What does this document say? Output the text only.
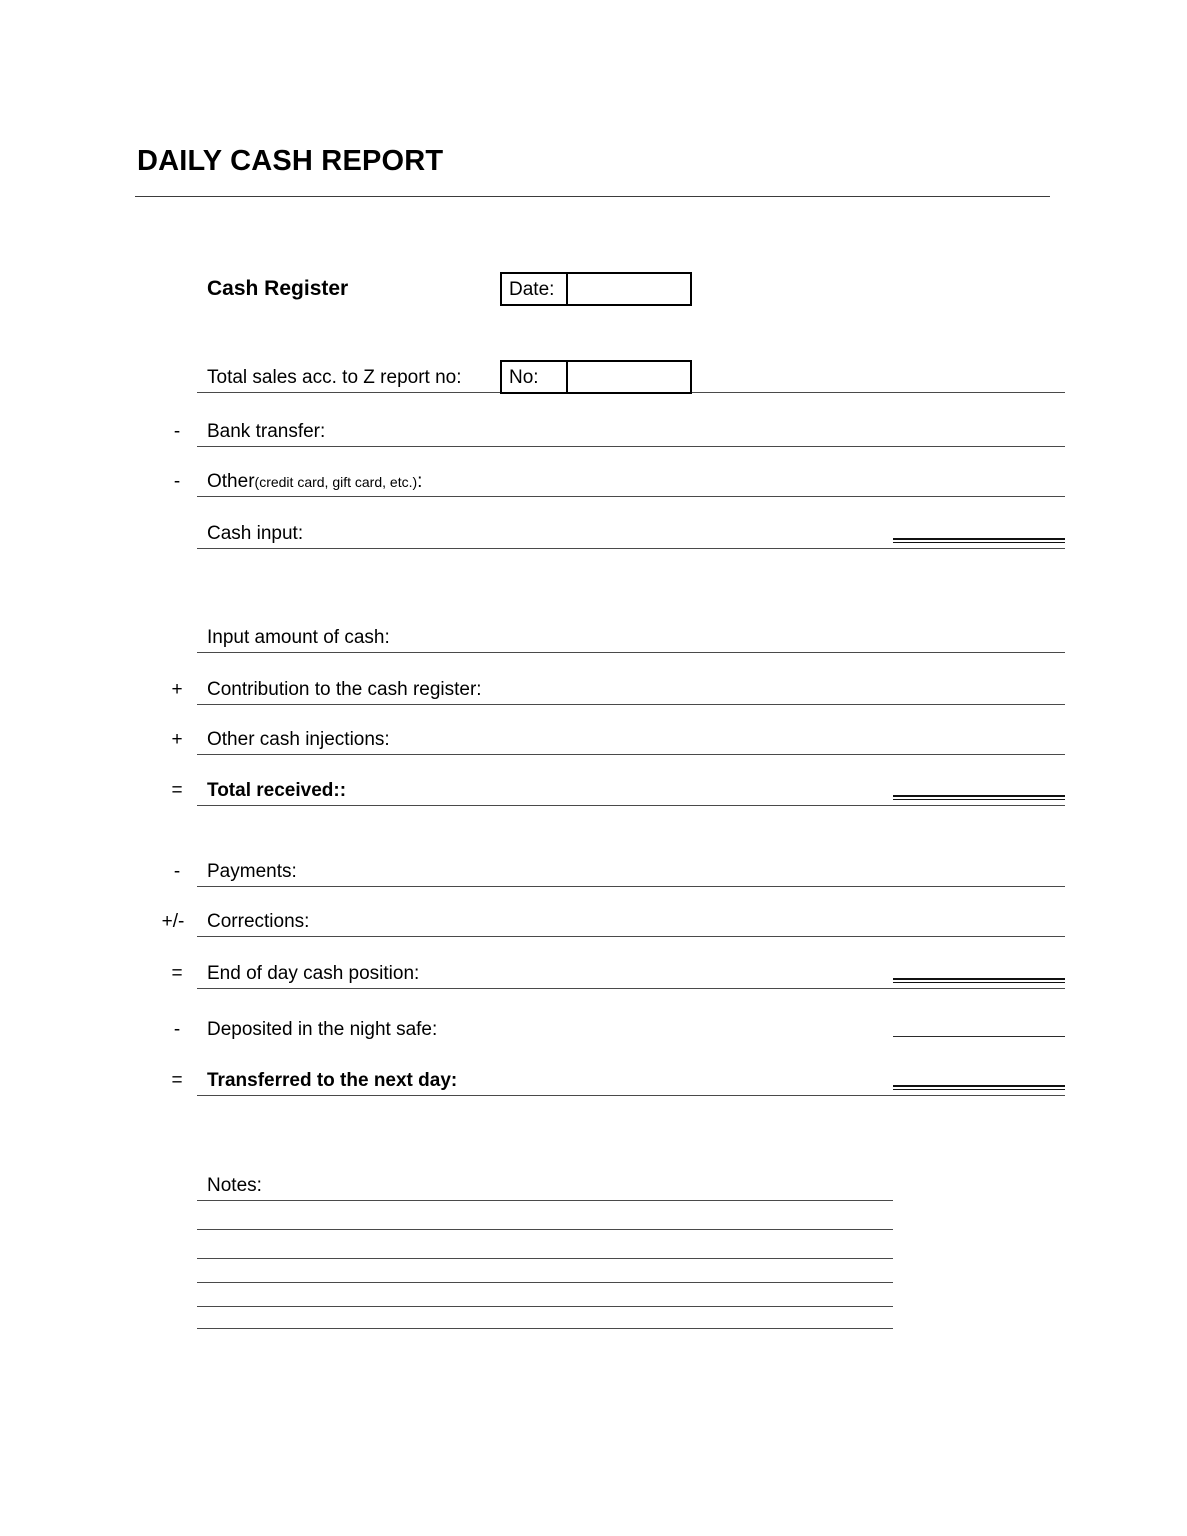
DAILY CASH REPORT
Cash Register	Date:
Total sales acc. to Z report no:	No:
-	Bank transfer:
-	Other(credit card, gift card, etc.):
Cash input:
Input amount of cash:
+	Contribution to the cash register:
+	Other cash injections:
=	Total received::
-	Payments:
+/-	Corrections:
=	End of day cash position:
-	Deposited in the night safe:
=	Transferred to the next day:
Notes:
